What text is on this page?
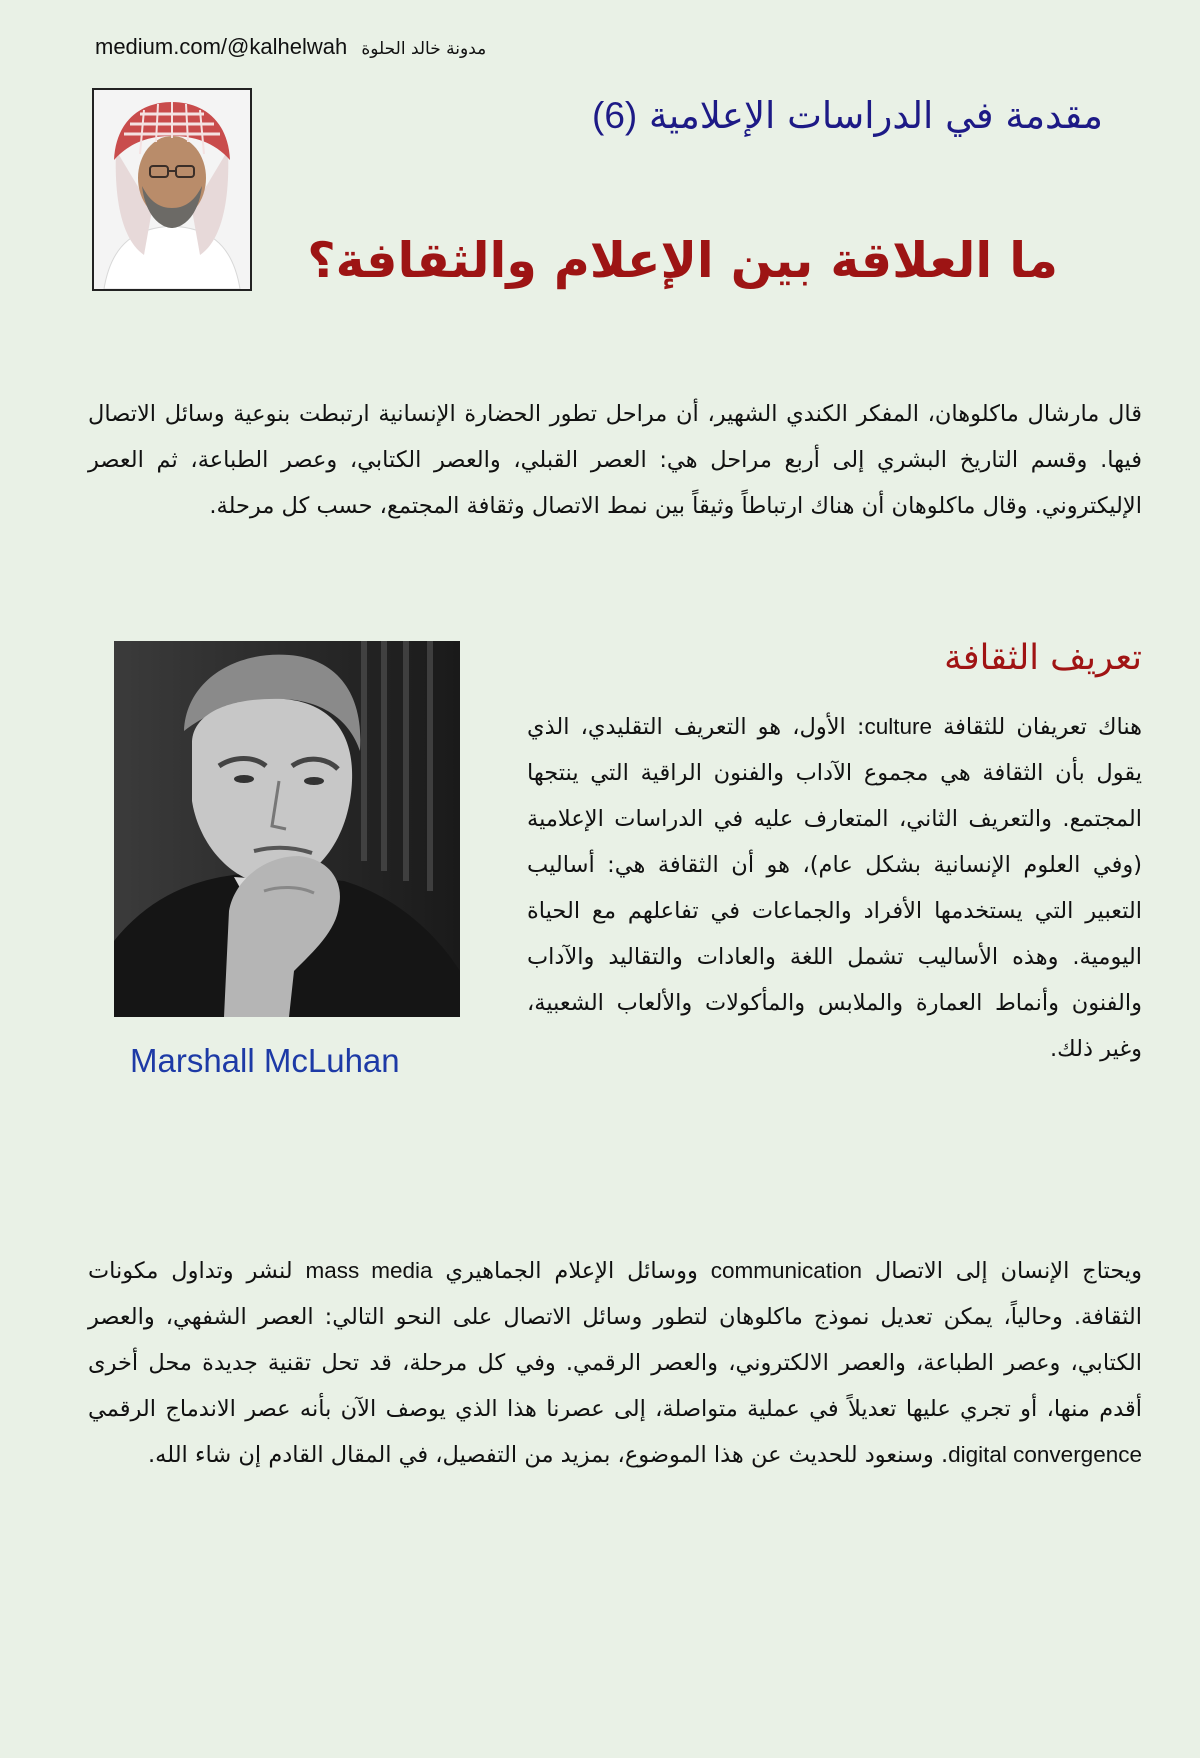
medium.com/@kalhelwah مدونة خالد الحلوة
مقدمة في الدراسات الإعلامية (6)
ما العلاقة بين الإعلام والثقافة؟

قال مارشال ماكلوهان، المفكر الكندي الشهير، أن مراحل تطور الحضارة الإنسانية ارتبطت بنوعية وسائل الاتصال فيها. وقسم التاريخ البشري إلى أربع مراحل هي: العصر القبلي، والعصر الكتابي، وعصر الطباعة، ثم العصر الإليكتروني. وقال ماكلوهان أن هناك ارتباطاً وثيقاً بين نمط الاتصال وثقافة المجتمع، حسب كل مرحلة.

Marshall McLuhan
تعريف الثقافة

هناك تعريفان للثقافة culture: الأول، هو التعريف التقليدي، الذي يقول بأن الثقافة هي مجموع الآداب والفنون الراقية التي ينتجها المجتمع. والتعريف الثاني، المتعارف عليه في الدراسات الإعلامية (وفي العلوم الإنسانية بشكل عام)، هو أن الثقافة هي: أساليب التعبير التي يستخدمها الأفراد والجماعات في تفاعلهم مع الحياة اليومية. وهذه الأساليب تشمل اللغة والعادات والتقاليد والآداب والفنون وأنماط العمارة والملابس والمأكولات والألعاب الشعبية، وغير ذلك.

ويحتاج الإنسان إلى الاتصال communication ووسائل الإعلام الجماهيري mass media لنشر وتداول مكونات الثقافة. وحالياً، يمكن تعديل نموذج ماكلوهان لتطور وسائل الاتصال على النحو التالي: العصر الشفهي، والعصر الكتابي، وعصر الطباعة، والعصر الالكتروني، والعصر الرقمي. وفي كل مرحلة، قد تحل تقنية جديدة محل أخرى أقدم منها، أو تجري عليها تعديلاً في عملية متواصلة، إلى عصرنا هذا الذي يوصف الآن بأنه عصر الاندماج الرقمي digital convergence. وسنعود للحديث عن هذا الموضوع، بمزيد من التفصيل، في المقال القادم إن شاء الله.
